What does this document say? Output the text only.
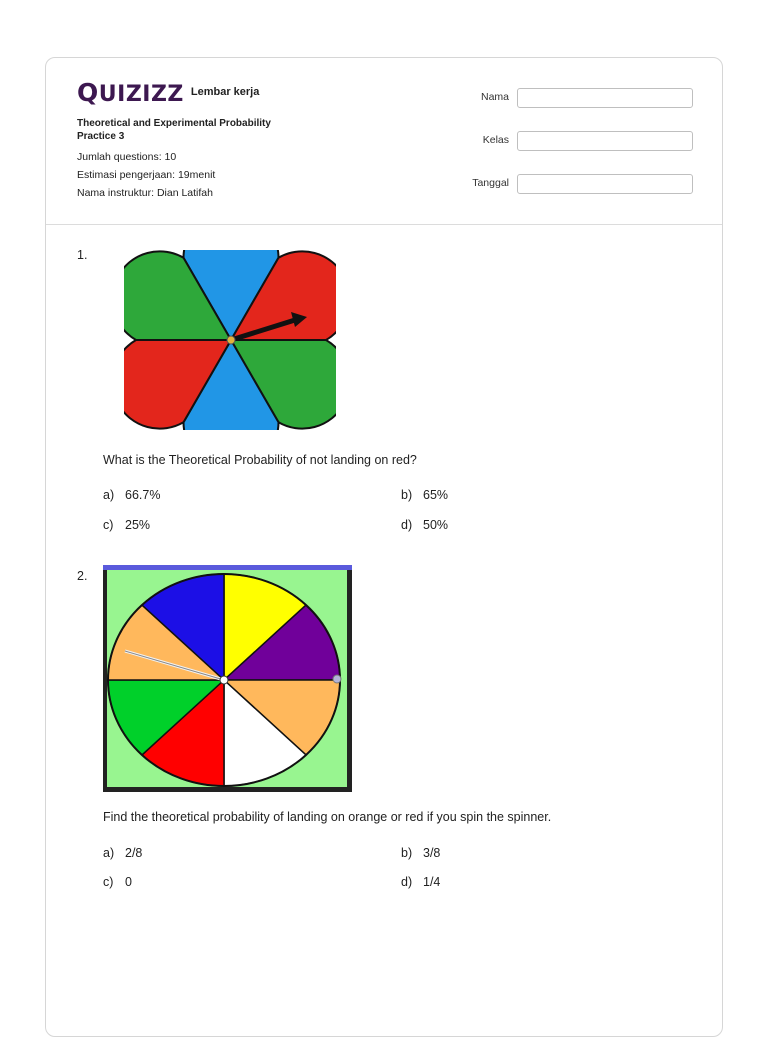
QUIZIZZ Lembar kerja
Theoretical and Experimental Probability Practice 3
Jumlah questions: 10
Estimasi pengerjaan: 19menit
Nama instruktur: Dian Latifah
Nama
Kelas
Tanggal
1.
What is the Theoretical Probability of not landing on red?
a) 66.7%	b) 65%
c) 25%	d) 50%
2.
Find the theoretical probability of landing on orange or red if you spin the spinner.
a) 2/8	b) 3/8
c) 0	d) 1/4
